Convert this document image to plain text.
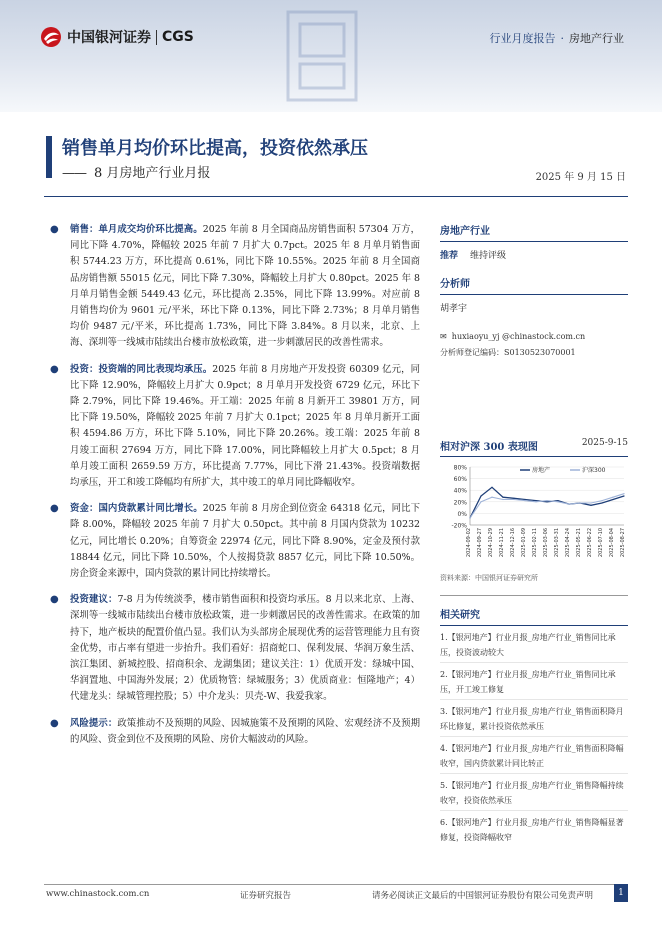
中国银河证券 CGS	行业月度报告 · 房地产行业
销售单月均价环比提高，投资依然承压
—— 8 月房地产行业月报	2025 年 9 月 15 日
● 销售：单月成交均价环比提高。2025 年前 8 月全国商品房销售面积 57304 万方，同比下降 4.70%，降幅较 2025 年前 7 月扩大 0.7pct。2025 年 8 月单月销售面积 5744.23 万方，环比提高 0.61%，同比下降 10.55%。2025 年前 8 月全国商品房销售额 55015 亿元，同比下降 7.30%，降幅较上月扩大 0.80pct。2025 年 8 月单月销售金额 5449.43 亿元，环比提高 2.35%，同比下降 13.99%。对应前 8 月销售均价为 9601 元/平米，环比下降 0.13%，同比下降 2.73%；8 月单月销售均价 9487 元/平米，环比提高 1.73%，同比下降 3.84%。8 月以来，北京、上海、深圳等一线城市陆续出台楼市放松政策，进一步刺激居民的改善性需求。
● 投资：投资端的同比表现均承压。2025 年前 8 月房地产开发投资 60309 亿元，同比下降 12.90%，降幅较上月扩大 0.9pct；8 月单月开发投资 6729 亿元，环比下降 2.79%，同比下降 19.46%。开工端：2025 年前 8 月新开工 39801 万方，同比下降 19.50%，降幅较 2025 年前 7 月扩大 0.1pct；2025 年 8 月单月新开工面积 4594.86 万方，环比下降 5.10%，同比下降 20.26%。竣工端：2025 年前 8 月竣工面积 27694 万方，同比下降 17.00%，同比降幅较上月扩大 0.5pct；8 月单月竣工面积 2659.59 万方，环比提高 7.77%，同比下滑 21.43%。投资端数据均承压，开工和竣工降幅均有所扩大，其中竣工的单月同比降幅收窄。
● 资金：国内贷款累计同比增长。2025 年前 8 月房企到位资金 64318 亿元，同比下降 8.00%，降幅较 2025 年前 7 月扩大 0.50pct。其中前 8 月国内贷款为 10232 亿元，同比增长 0.20%；自筹资金 22974 亿元，同比下降 8.90%，定金及预付款 18844 亿元，同比下降 10.50%，个人按揭贷款 8857 亿元，同比下降 10.50%。房企资金来源中，国内贷款的累计同比持续增长。
● 投资建议：7-8 月为传统淡季，楼市销售面积和投资均承压。8 月以来北京、上海、深圳等一线城市陆续出台楼市放松政策，进一步刺激居民的改善性需求。在政策的加持下，地产板块的配置价值凸显。我们认为头部房企展现优秀的运营管理能力且有资金优势，市占率有望进一步抬升。我们看好：招商蛇口、保利发展、华润万象生活、滨江集团、新城控股、招商积余、龙湖集团；建议关注：1）优质开发：绿城中国、华润置地、中国海外发展；2）优质物管：绿城服务；3）优质商业：恒隆地产；4）代建龙头：绿城管理控股；5）中介龙头：贝壳-W、我爱我家。
● 风险提示：政策推动不及预期的风险、因城施策不及预期的风险、宏观经济不及预期的风险、资金到位不及预期的风险、房价大幅波动的风险。
房地产行业
推荐 维持评级
分析师
胡孝宇
✉ huxiaoyu_yj @chinastock.com.cn
分析师登记编码：S0130523070001
相对沪深 300 表现图	2025-9-15
80%
60%
40%
20%
0%
-20%
2024-09-02 2024-09-27 2024-10-29 2024-11-21 2024-12-16 2025-01-09 2025-02-11 2025-03-06 2025-03-31 2025-04-24 2025-05-21 2025-06-22 2025-07-10 2025-08-04 2025-08-27
房地产	沪深300
资料来源：中国银河证券研究所
相关研究
1.【银河地产】行业月报_房地产行业_销售同比承压，投资波动较大
2.【银河地产】行业月报_房地产行业_销售同比承压，开工竣工修复
3.【银河地产】行业月报_房地产行业_销售面积降月环比修复，累计投资依然承压
4.【银河地产】行业月报_房地产行业_销售面积降幅收窄，国内贷款累计同比转正
5.【银河地产】行业月报_房地产行业_销售降幅持续收窄，投资依然承压
6.【银河地产】行业月报_房地产行业_销售降幅显著修复，投资降幅收窄
www.chinastock.com.cn	证券研究报告	请务必阅读正文最后的中国银河证券股份有限公司免责声明	1
